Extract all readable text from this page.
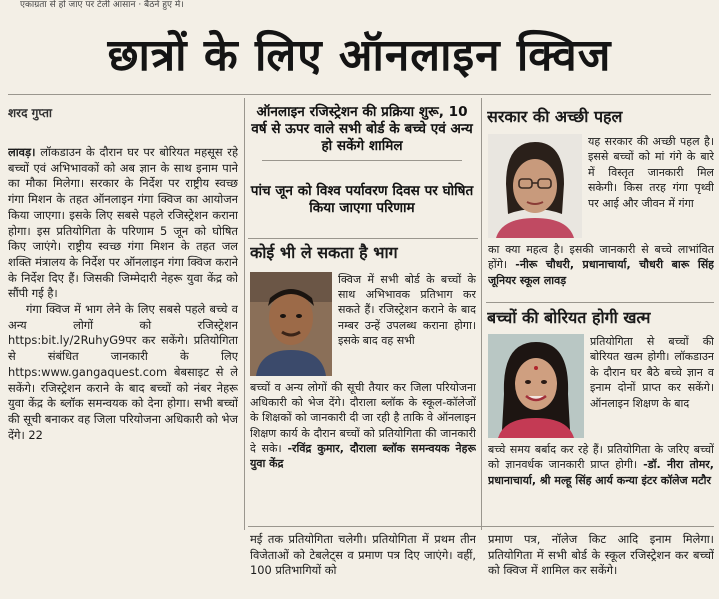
एकाग्रता से हो जाए पर टेली आसान · बैठने हुए में।
छात्रों के लिए ऑनलाइन क्विज
शरद गुप्ता

लावड़। लॉकडाउन के दौरान घर पर बोरियत महसूस रहे बच्चों एवं अभिभावकों को अब ज्ञान के साथ इनाम पाने का मौका मिलेगा। सरकार के निर्देश पर राष्ट्रीय स्वच्छ गंगा मिशन के तहत ऑनलाइन गंगा क्विज का आयोजन किया जाएगा। इसके लिए सबसे पहले रजिस्ट्रेशन कराना होगा। इस प्रतियोगिता के परिणाम 5 जून को घोषित किए जाएंगे। राष्ट्रीय स्वच्छ गंगा मिशन के तहत जल शक्ति मंत्रालय के निर्देश पर ऑनलाइन गंगा क्विज कराने के निर्देश दिए हैं। जिसकी जिम्मेदारी नेहरू युवा केंद्र को सौंपी गई है।

गंगा क्विज में भाग लेने के लिए सबसे पहले बच्चे व अन्य लोगों को रजिस्ट्रेशन https:bit.ly/2RuhyG9पर कर सकेंगे। प्रतियोगिता से संबंधित जानकारी के लिए https:www.gangaquest.com बेबसाइट से ले सकेंगे। रजिस्ट्रेशन कराने के बाद बच्चों को नंबर नेहरू युवा केंद्र के ब्लॉक समन्वयक को देना होगा। सभी बच्चों की सूची बनाकर वह जिला परियोजना अधिकारी को भेज देंगे। 22

ऑनलाइन रजिस्ट्रेशन की प्रक्रिया शुरू, 10 वर्ष से ऊपर वाले सभी बोर्ड के बच्चे एवं अन्य हो सकेंगे शामिल
पांच जून को विश्व पर्यावरण दिवस पर घोषित किया जाएगा परिणाम
कोई भी ले सकता है भाग

क्विज में सभी बोर्ड के बच्चों के साथ अभिभावक प्रतिभाग कर सकते हैं। रजिस्ट्रेशन कराने के बाद नम्बर उन्हें उपलब्ध कराना होगा। इसके बाद वह सभी

बच्चों व अन्य लोगों की सूची तैयार कर जिला परियोजना अधिकारी को भेज देंगे। दौराला ब्लॉक के स्कूल-कॉलेजों के शिक्षकों को जानकारी दी जा रही है ताकि वे ऑनलाइन शिक्षण कार्य के दौरान बच्चों को प्रतियोगिता की जानकारी दे सके। -रविंद्र कुमार, दौराला ब्लॉक समन्वयक नेहरू युवा केंद्र

सरकार की अच्छी पहल

यह सरकार की अच्छी पहल है। इससे बच्चों को मां गंगे के बारे में विस्तृत जानकारी मिल सकेगी। किस तरह गंगा पृथ्वी पर आई और जीवन में गंगा

का क्या महत्व है। इसकी जानकारी से बच्चे लाभांवित होंगे। -नीरू चौधरी, प्रधानाचार्या, चौधरी बारू सिंह जूनियर स्कूल लावड़

बच्चों की बोरियत होगी खत्म

प्रतियोगिता से बच्चों की बोरियत खत्म होगी। लॉकडाउन के दौरान घर बैठे बच्चे ज्ञान व इनाम दोनों प्राप्त कर सकेंगे। ऑनलाइन शिक्षण के बाद

बच्चे समय बर्बाद कर रहे हैं। प्रतियोगिता के जरिए बच्चों को ज्ञानवर्धक जानकारी प्राप्त होगी। -डॉ. नीरा तोमर, प्रधानाचार्या, श्री मल्हू सिंह आर्य कन्या इंटर कॉलेज मटौर

मई तक प्रतियोगिता चलेगी। प्रतियोगिता में प्रथम तीन विजेताओं को टेबलेट्स व प्रमाण पत्र दिए जाएंगे। वहीं, 100 प्रतिभागियों को

प्रमाण पत्र, नॉलेज किट आदि इनाम मिलेगा। प्रतियोगिता में सभी बोर्ड के स्कूल रजिस्ट्रेशन कर बच्चों को क्विज में शामिल कर सकेंगे।
